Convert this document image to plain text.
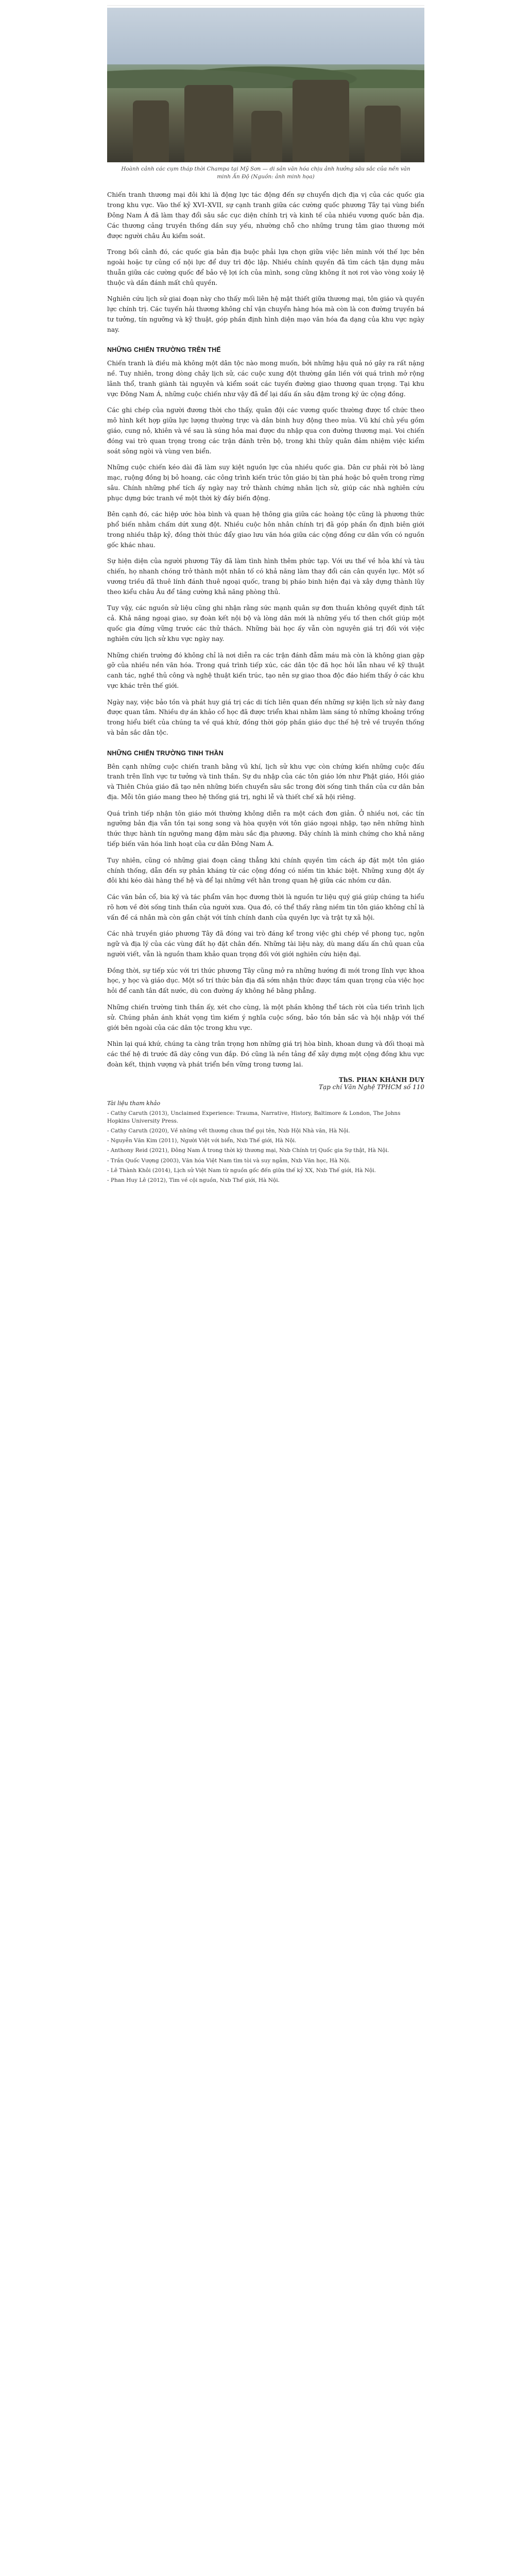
Hoành cảnh các cụm tháp thời Champa tại Mỹ Sơn — di sản văn hóa chịu ảnh hưởng sâu sắc của nền văn minh Ấn Độ (Nguồn: ảnh minh họa)

Chiến tranh thương mại đôi khi là động lực tác động đến sự chuyển dịch địa vị của các quốc gia trong khu vực. Vào thế kỷ XVI–XVII, sự cạnh tranh giữa các cường quốc phương Tây tại vùng biển Đông Nam Á đã làm thay đổi sâu sắc cục diện chính trị và kinh tế của nhiều vương quốc bản địa. Các thương cảng truyền thống dần suy yếu, nhường chỗ cho những trung tâm giao thương mới được người châu Âu kiểm soát.

Trong bối cảnh đó, các quốc gia bản địa buộc phải lựa chọn giữa việc liên minh với thế lực bên ngoài hoặc tự củng cố nội lực để duy trì độc lập. Nhiều chính quyền đã tìm cách tận dụng mâu thuẫn giữa các cường quốc để bảo vệ lợi ích của mình, song cũng không ít nơi rơi vào vòng xoáy lệ thuộc và dần đánh mất chủ quyền.

Nghiên cứu lịch sử giai đoạn này cho thấy mối liên hệ mật thiết giữa thương mại, tôn giáo và quyền lực chính trị. Các tuyến hải thương không chỉ vận chuyển hàng hóa mà còn là con đường truyền bá tư tưởng, tín ngưỡng và kỹ thuật, góp phần định hình diện mạo văn hóa đa dạng của khu vực ngày nay.

NHỮNG CHIẾN TRƯỜNG TRÊN THẾ

Chiến tranh là điều mà không một dân tộc nào mong muốn, bởi những hậu quả nó gây ra rất nặng nề. Tuy nhiên, trong dòng chảy lịch sử, các cuộc xung đột thường gắn liền với quá trình mở rộng lãnh thổ, tranh giành tài nguyên và kiểm soát các tuyến đường giao thương quan trọng. Tại khu vực Đông Nam Á, những cuộc chiến như vậy đã để lại dấu ấn sâu đậm trong ký ức cộng đồng.

Các ghi chép của người đương thời cho thấy, quân đội các vương quốc thường được tổ chức theo mô hình kết hợp giữa lực lượng thường trực và dân binh huy động theo mùa. Vũ khí chủ yếu gồm giáo, cung nỏ, khiên và về sau là súng hỏa mai được du nhập qua con đường thương mại. Voi chiến đóng vai trò quan trọng trong các trận đánh trên bộ, trong khi thủy quân đảm nhiệm việc kiểm soát sông ngòi và vùng ven biển.

Những cuộc chiến kéo dài đã làm suy kiệt nguồn lực của nhiều quốc gia. Dân cư phải rời bỏ làng mạc, ruộng đồng bị bỏ hoang, các công trình kiến trúc tôn giáo bị tàn phá hoặc bỏ quên trong rừng sâu. Chính những phế tích ấy ngày nay trở thành chứng nhân lịch sử, giúp các nhà nghiên cứu phục dựng bức tranh về một thời kỳ đầy biến động.

Bên cạnh đó, các hiệp ước hòa bình và quan hệ thông gia giữa các hoàng tộc cũng là phương thức phổ biến nhằm chấm dứt xung đột. Nhiều cuộc hôn nhân chính trị đã góp phần ổn định biên giới trong nhiều thập kỷ, đồng thời thúc đẩy giao lưu văn hóa giữa các cộng đồng cư dân vốn có nguồn gốc khác nhau.

Sự hiện diện của người phương Tây đã làm tình hình thêm phức tạp. Với ưu thế về hỏa khí và tàu chiến, họ nhanh chóng trở thành một nhân tố có khả năng làm thay đổi cán cân quyền lực. Một số vương triều đã thuê lính đánh thuê ngoại quốc, trang bị pháo binh hiện đại và xây dựng thành lũy theo kiểu châu Âu để tăng cường khả năng phòng thủ.

Tuy vậy, các nguồn sử liệu cũng ghi nhận rằng sức mạnh quân sự đơn thuần không quyết định tất cả. Khả năng ngoại giao, sự đoàn kết nội bộ và lòng dân mới là những yếu tố then chốt giúp một quốc gia đứng vững trước các thử thách. Những bài học ấy vẫn còn nguyên giá trị đối với việc nghiên cứu lịch sử khu vực ngày nay.

Những chiến trường đó không chỉ là nơi diễn ra các trận đánh đẫm máu mà còn là không gian gặp gỡ của nhiều nền văn hóa. Trong quá trình tiếp xúc, các dân tộc đã học hỏi lẫn nhau về kỹ thuật canh tác, nghề thủ công và nghệ thuật kiến trúc, tạo nên sự giao thoa độc đáo hiếm thấy ở các khu vực khác trên thế giới.

Ngày nay, việc bảo tồn và phát huy giá trị các di tích liên quan đến những sự kiện lịch sử này đang được quan tâm. Nhiều dự án khảo cổ học đã được triển khai nhằm làm sáng tỏ những khoảng trống trong hiểu biết của chúng ta về quá khứ, đồng thời góp phần giáo dục thế hệ trẻ về truyền thống và bản sắc dân tộc.

NHỮNG CHIẾN TRƯỜNG TINH THẦN

Bên cạnh những cuộc chiến tranh bằng vũ khí, lịch sử khu vực còn chứng kiến những cuộc đấu tranh trên lĩnh vực tư tưởng và tinh thần. Sự du nhập của các tôn giáo lớn như Phật giáo, Hồi giáo và Thiên Chúa giáo đã tạo nên những biến chuyển sâu sắc trong đời sống tinh thần của cư dân bản địa. Mỗi tôn giáo mang theo hệ thống giá trị, nghi lễ và thiết chế xã hội riêng.

Quá trình tiếp nhận tôn giáo mới thường không diễn ra một cách đơn giản. Ở nhiều nơi, các tín ngưỡng bản địa vẫn tồn tại song song và hòa quyện với tôn giáo ngoại nhập, tạo nên những hình thức thực hành tín ngưỡng mang đậm màu sắc địa phương. Đây chính là minh chứng cho khả năng tiếp biến văn hóa linh hoạt của cư dân Đông Nam Á.

Tuy nhiên, cũng có những giai đoạn căng thẳng khi chính quyền tìm cách áp đặt một tôn giáo chính thống, dẫn đến sự phản kháng từ các cộng đồng có niềm tin khác biệt. Những xung đột ấy đôi khi kéo dài hàng thế hệ và để lại những vết hằn trong quan hệ giữa các nhóm cư dân.

Các văn bản cổ, bia ký và tác phẩm văn học đương thời là nguồn tư liệu quý giá giúp chúng ta hiểu rõ hơn về đời sống tinh thần của người xưa. Qua đó, có thể thấy rằng niềm tin tôn giáo không chỉ là vấn đề cá nhân mà còn gắn chặt với tính chính danh của quyền lực và trật tự xã hội.

Các nhà truyền giáo phương Tây đã đóng vai trò đáng kể trong việc ghi chép về phong tục, ngôn ngữ và địa lý của các vùng đất họ đặt chân đến. Những tài liệu này, dù mang dấu ấn chủ quan của người viết, vẫn là nguồn tham khảo quan trọng đối với giới nghiên cứu hiện đại.

Đồng thời, sự tiếp xúc với tri thức phương Tây cũng mở ra những hướng đi mới trong lĩnh vực khoa học, y học và giáo dục. Một số trí thức bản địa đã sớm nhận thức được tầm quan trọng của việc học hỏi để canh tân đất nước, dù con đường ấy không hề bằng phẳng.

Những chiến trường tinh thần ấy, xét cho cùng, là một phần không thể tách rời của tiến trình lịch sử. Chúng phản ánh khát vọng tìm kiếm ý nghĩa cuộc sống, bảo tồn bản sắc và hội nhập với thế giới bên ngoài của các dân tộc trong khu vực.

Nhìn lại quá khứ, chúng ta càng trân trọng hơn những giá trị hòa bình, khoan dung và đối thoại mà các thế hệ đi trước đã dày công vun đắp. Đó cũng là nền tảng để xây dựng một cộng đồng khu vực đoàn kết, thịnh vượng và phát triển bền vững trong tương lai.

ThS. PHAN KHÁNH DUY
Tạp chí Văn Nghệ TPHCM số 110
Tài liệu tham khảo
- Cathy Caruth (2013), Unclaimed Experience: Trauma, Narrative, History, Baltimore & London, The Johns Hopkins University Press.
- Cathy Caruth (2020), Về những vết thương chưa thể gọi tên, Nxb Hội Nhà văn, Hà Nội.
- Nguyễn Văn Kim (2011), Người Việt với biển, Nxb Thế giới, Hà Nội.
- Anthony Reid (2021), Đông Nam Á trong thời kỳ thương mại, Nxb Chính trị Quốc gia Sự thật, Hà Nội.
- Trần Quốc Vượng (2003), Văn hóa Việt Nam tìm tòi và suy ngẫm, Nxb Văn học, Hà Nội.
- Lê Thành Khôi (2014), Lịch sử Việt Nam từ nguồn gốc đến giữa thế kỷ XX, Nxb Thế giới, Hà Nội.
- Phan Huy Lê (2012), Tìm về cội nguồn, Nxb Thế giới, Hà Nội.
